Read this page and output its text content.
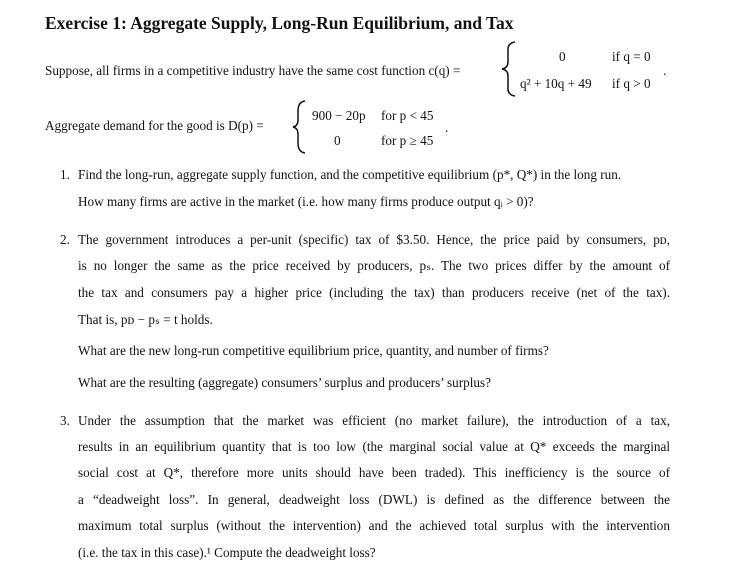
Exercise 1: Aggregate Supply, Long-Run Equilibrium, and Tax
Suppose, all firms in a competitive industry have the same cost function c(q) =
0	if q = 0
q² + 10q + 49 if q > 0
.
Aggregate demand for the good is D(p) =
900 − 20p for p < 45
0	for p ≥ 45
.
1. Find the long-run, aggregate supply function, and the competitive equilibrium (p*, Q*) in the long run.
How many firms are active in the market (i.e. how many firms produce output qᵢ > 0)?
2. The government introduces a per-unit (specific) tax of $3.50. Hence, the price paid by consumers, pᴅ,
is no longer the same as the price received by producers, pₛ. The two prices differ by the amount of
the tax and consumers pay a higher price (including the tax) than producers receive (net of the tax).
That is, pᴅ − pₛ = t holds.
What are the new long-run competitive equilibrium price, quantity, and number of firms?
What are the resulting (aggregate) consumers’ surplus and producers’ surplus?
3. Under the assumption that the market was efficient (no market failure), the introduction of a tax,
results in an equilibrium quantity that is too low (the marginal social value at Q* exceeds the marginal
social cost at Q*, therefore more units should have been traded). This inefficiency is the source of
a “deadweight loss”. In general, deadweight loss (DWL) is defined as the difference between the
maximum total surplus (without the intervention) and the achieved total surplus with the intervention
(i.e. the tax in this case).¹ Compute the deadweight loss?
